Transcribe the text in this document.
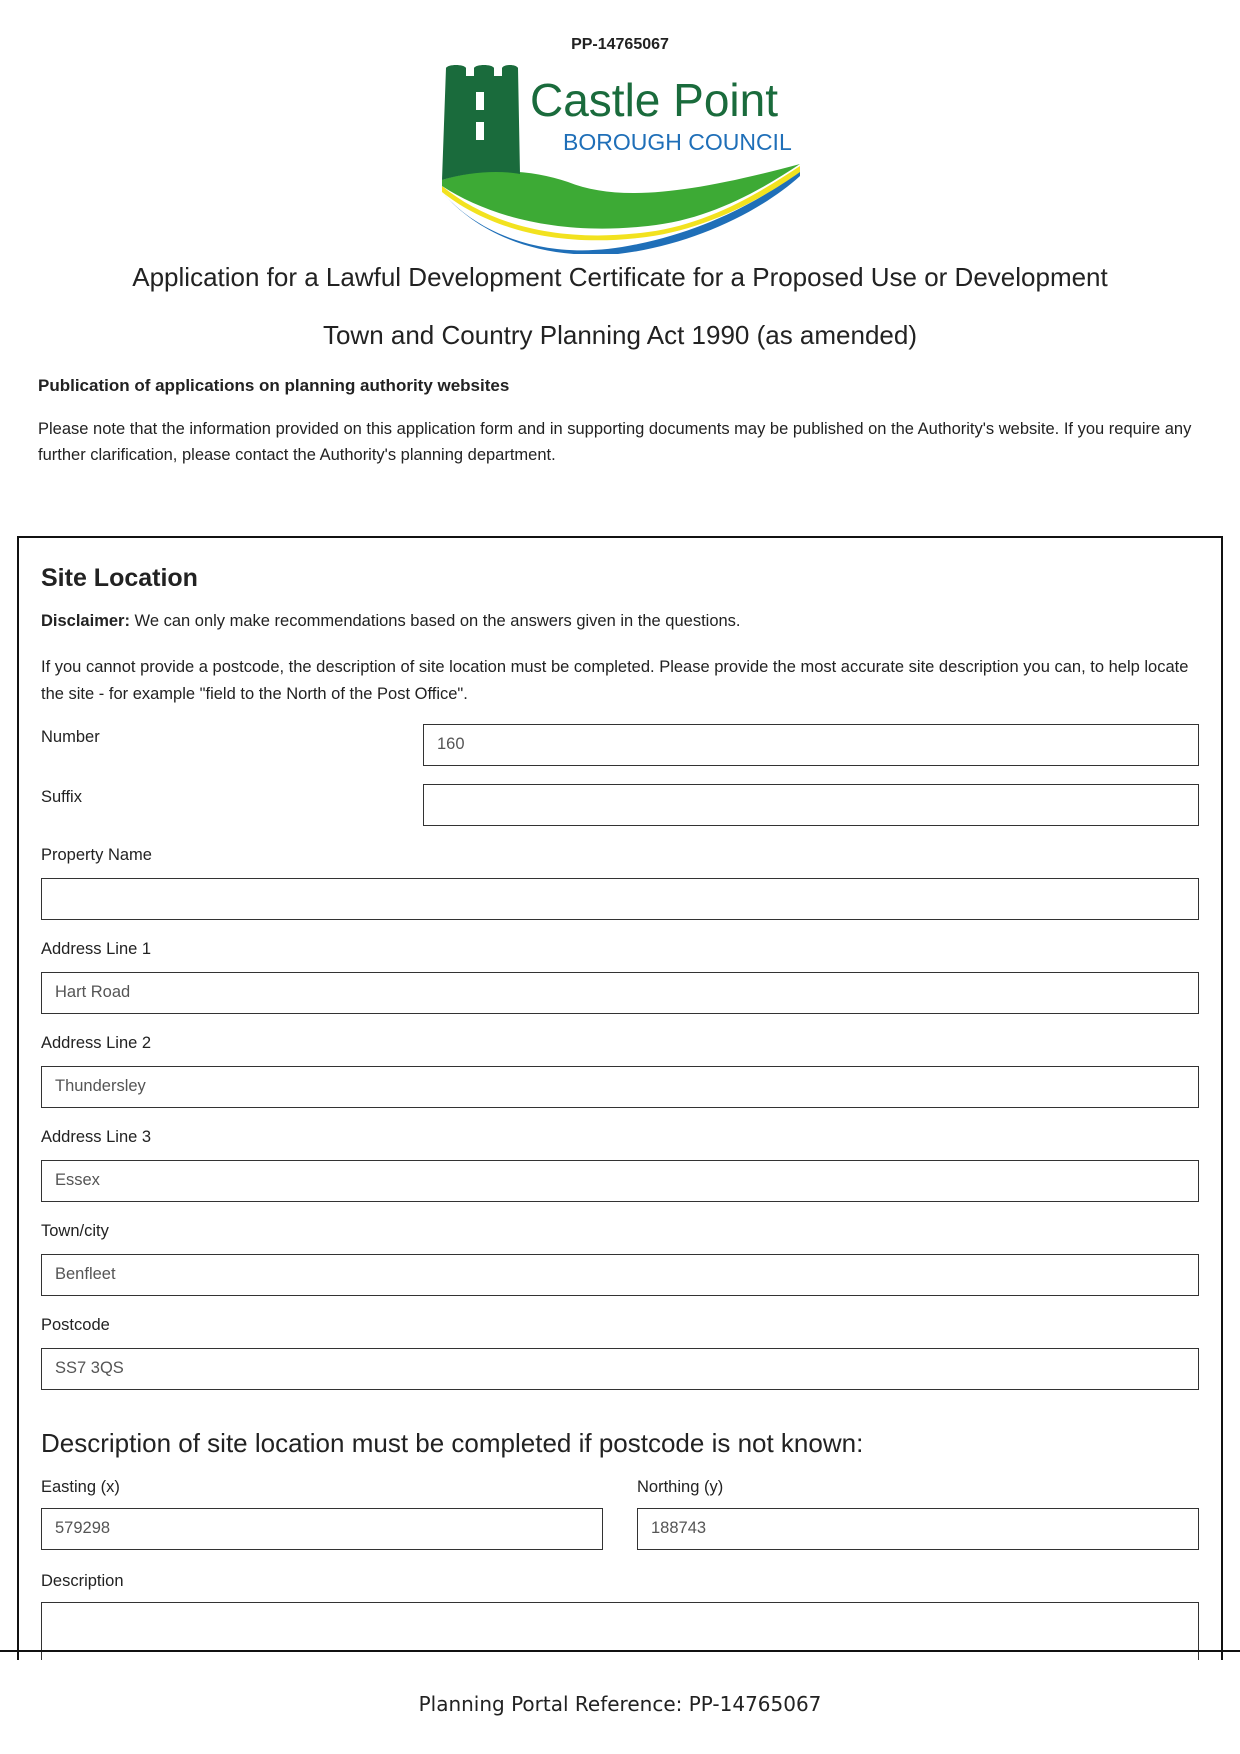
PP-14765067
Castle Point
BOROUGH COUNCIL
Application for a Lawful Development Certificate for a Proposed Use or Development
Town and Country Planning Act 1990 (as amended)
Publication of applications on planning authority websites
Please note that the information provided on this application form and in supporting documents may be published on the Authority's website. If you require any further clarification, please contact the Authority's planning department.
Site Location
Disclaimer: We can only make recommendations based on the answers given in the questions.
If you cannot provide a postcode, the description of site location must be completed. Please provide the most accurate site description you can, to help locate the site - for example "field to the North of the Post Office".
Number	160
Suffix
Property Name
Address Line 1
Hart Road
Address Line 2
Thundersley
Address Line 3
Essex
Town/city
Benfleet
Postcode
SS7 3QS
Description of site location must be completed if postcode is not known:
Easting (x)
579298
Northing (y)
188743
Description
Planning Portal Reference: PP-14765067
